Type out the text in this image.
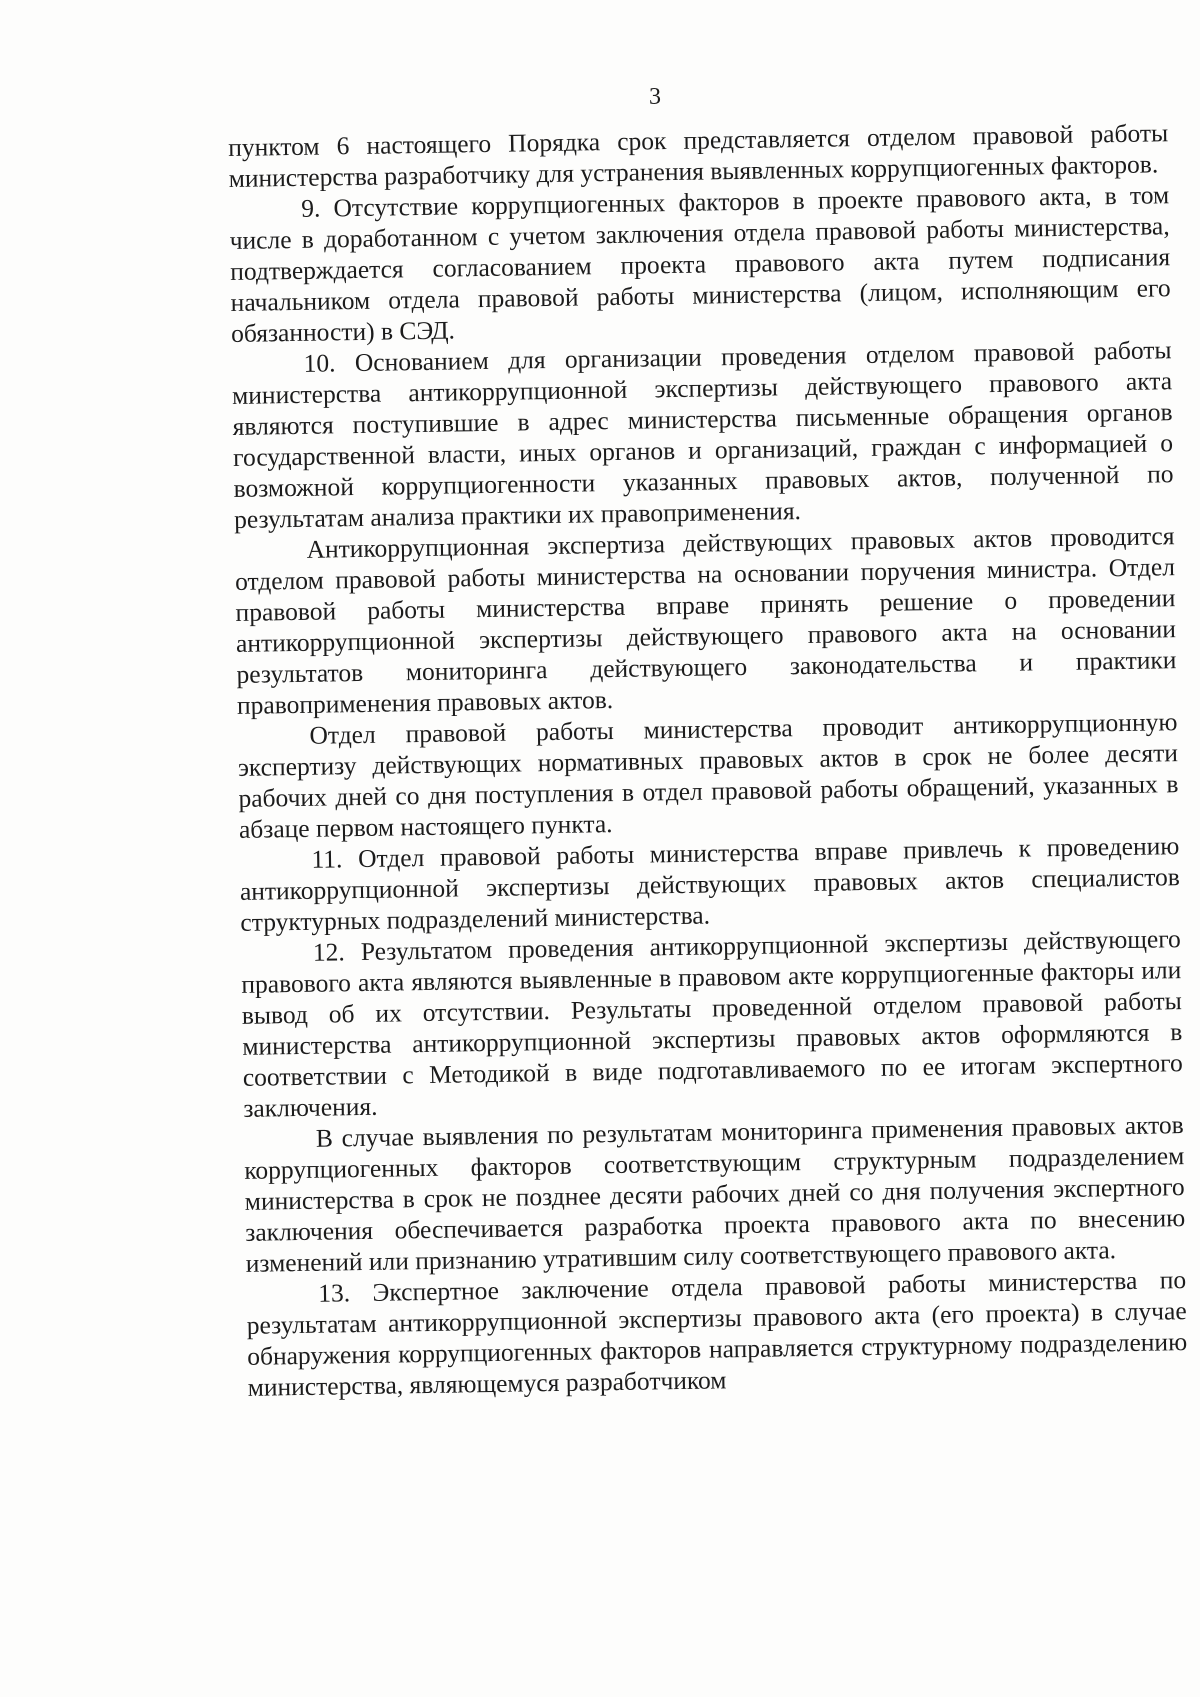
3

пунктом 6 настоящего Порядка срок представляется отделом правовой работы министерства разработчику для устранения выявленных коррупциогенных факторов.

9. Отсутствие коррупциогенных факторов в проекте правового акта, в том числе в доработанном с учетом заключения отдела правовой работы министерства, подтверждается согласованием проекта правового акта путем подписания начальником отдела правовой работы министерства (лицом, исполняющим его обязанности) в СЭД.

10. Основанием для организации проведения отделом правовой работы министерства антикоррупционной экспертизы действующего правового акта являются поступившие в адрес министерства письменные обращения органов государственной власти, иных органов и организаций, граждан с информацией о возможной коррупциогенности указанных правовых актов, полученной по результатам анализа практики их правоприменения.

Антикоррупционная экспертиза действующих правовых актов проводится отделом правовой работы министерства на основании поручения министра. Отдел правовой работы министерства вправе принять решение о проведении антикоррупционной экспертизы действующего правового акта на основании результатов мониторинга действующего законодательства и практики правоприменения правовых актов.

Отдел правовой работы министерства проводит антикоррупционную экспертизу действующих нормативных правовых актов в срок не более десяти рабочих дней со дня поступления в отдел правовой работы обращений, указанных в абзаце первом настоящего пункта.

11. Отдел правовой работы министерства вправе привлечь к проведению антикоррупционной экспертизы действующих правовых актов специалистов структурных подразделений министерства.

12. Результатом проведения антикоррупционной экспертизы действующего правового акта являются выявленные в правовом акте коррупциогенные факторы или вывод об их отсутствии. Результаты проведенной отделом правовой работы министерства антикоррупционной экспертизы правовых актов оформляются в соответствии с Методикой в виде подготавливаемого по ее итогам экспертного заключения.

В случае выявления по результатам мониторинга применения правовых актов коррупциогенных факторов соответствующим структурным подразделением министерства в срок не позднее десяти рабочих дней со дня получения экспертного заключения обеспечивается разработка проекта правового акта по внесению изменений или признанию утратившим силу соответствующего правового акта.

13. Экспертное заключение отдела правовой работы министерства по результатам антикоррупционной экспертизы правового акта (его проекта) в случае обнаружения коррупциогенных факторов направляется структурному подразделению министерства, являющемуся разработчиком
